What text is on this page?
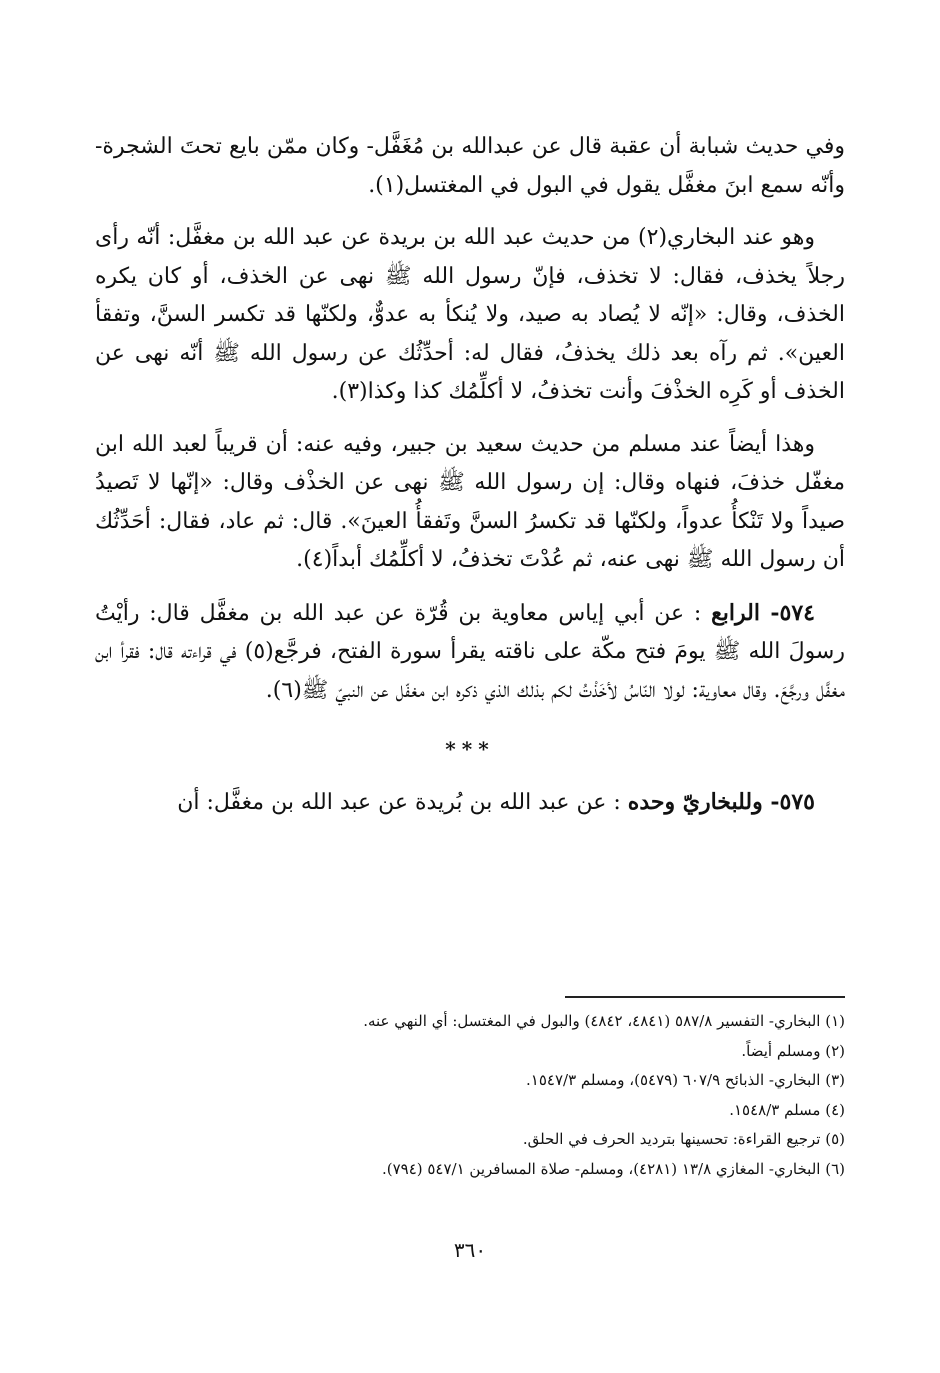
وفي حديث شبابة أن عقبة قال عن عبدالله بن مُغَفَّل- وكان ممّن بايع تحتَ الشجرة- وأنّه سمع ابنَ مغفَّل يقول في البول في المغتسل(١).

وهو عند البخاري(٢) من حديث عبد الله بن بريدة عن عبد الله بن مغفَّل: أنّه رأى رجلاً يخذف، فقال: لا تخذف، فإنّ رسول الله ﷺ نهى عن الخذف، أو كان يكره الخذف، وقال: «إنّه لا يُصاد به صيد، ولا يُنكأ به عدوٌّ، ولكنّها قد تكسر السنَّ، وتفقأ العين». ثم رآه بعد ذلك يخذفُ، فقال له: أحدِّثُك عن رسول الله ﷺ أنّه نهى عن الخذف أو كَرِه الخذْفَ وأنت تخذفُ، لا أكلِّمُك كذا وكذا(٣).

وهذا أيضاً عند مسلم من حديث سعيد بن جبير، وفيه عنه: أن قريباً لعبد الله ابن مغفّل خذفَ، فنهاه وقال: إن رسول الله ﷺ نهى عن الخذْف وقال: «إنّها لا تَصيدُ صيداً ولا تَنْكأُ عدواً، ولكنّها قد تكسرُ السنَّ وتَفقأُ العينَ». قال: ثم عاد، فقال: أحَدِّثُك أن رسول الله ﷺ نهى عنه، ثم عُدْتَ تخذفُ، لا أكلِّمُك أبداً(٤).

٥٧٤- الرابع : عن أبي إياس معاوية بن قُرّة عن عبد الله بن مغفَّل قال: رأيْتُ رسولَ الله ﷺ يومَ فتح مكّة على ناقته يقرأ سورة الفتح، فرجَّع(٥) في قراءته قال: فقرأ ابن مغفَّل ورجَّعَ. وقال معاوية: لولا النّاسُ لأخَذْتُ لكم بذلك الذي ذكره ابن مغفّل عن النبيّ ﷺ(٦).

***

٥٧٥- وللبخاريّ وحده : عن عبد الله بن بُريدة عن عبد الله بن مغفَّل: أن

(١) البخاري- التفسير ٥٨٧/٨ (٤٨٤١، ٤٨٤٢) والبول في المغتسل: أي النهي عنه.

(٢) ومسلم أيضاً.

(٣) البخاري- الذبائح ٦٠٧/٩ (٥٤٧٩)، ومسلم ١٥٤٧/٣.

(٤) مسلم ١٥٤٨/٣.

(٥) ترجيع القراءة: تحسينها بترديد الحرف في الحلق.

(٦) البخاري- المغازي ١٣/٨ (٤٢٨١)، ومسلم- صلاة المسافرين ٥٤٧/١ (٧٩٤).

٣٦٠
